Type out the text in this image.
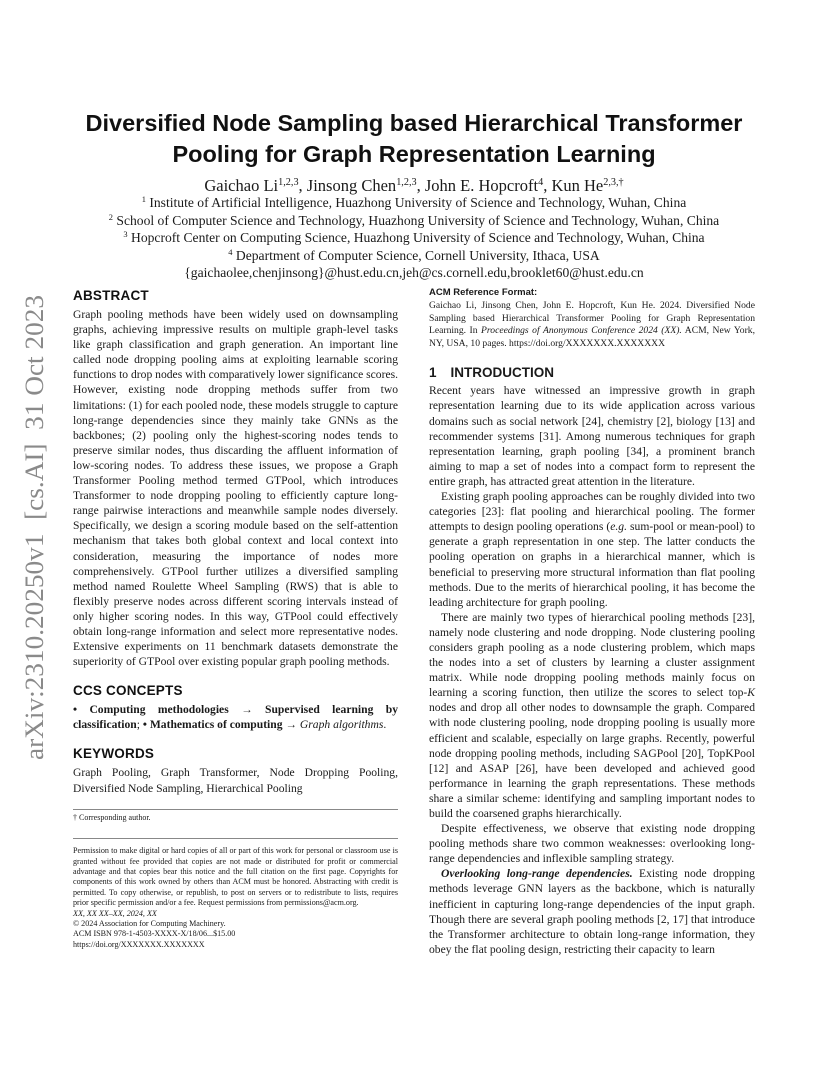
arXiv:2310.20250v1  [cs.AI]  31 Oct 2023
Diversified Node Sampling based Hierarchical Transformer
Pooling for Graph Representation Learning
Gaichao Li$^{1,2,3}$, Jinsong Chen$^{1,2,3}$, John E. Hopcroft$^4$, Kun $He^{2,3,\dagger}$
$^1$ Institute of Artificial Intelligence, Huazhong University of Science and Technology, Wuhan, China
$^2$ School of Computer Science and Technology, Huazhong University of Science and Technology, Wuhan, China
$^3$ Hopcroft Center on Computing Science, Huazhong University of Science and Technology, Wuhan, China
$^4$ Department of Computer Science, Cornell University, Ithaca, USA
{gaichaolee,chenjinsong}@hust.edu.cn,jeh@cs.cornell.edu,brooklet60@hust.edu.cn
ABSTRACT

Graph pooling methods have been widely used on downsampling graphs, achieving impressive results on multiple graph-level tasks like graph classification and graph generation. An important line called node dropping pooling aims at exploiting learnable scoring functions to drop nodes with comparatively lower significance scores. However, existing node dropping methods suffer from two limitations: (1) for each pooled node, these models struggle to capture long-range dependencies since they mainly take GNNs as the backbones; (2) pooling only the highest-scoring nodes tends to preserve similar nodes, thus discarding the affluent information of low-scoring nodes. To address these issues, we propose a Graph Transformer Pooling method termed GTPool, which introduces Transformer to node dropping pooling to efficiently capture long-range pairwise interactions and meanwhile sample nodes diversely. Specifically, we design a scoring module based on the self-attention mechanism that takes both global context and local context into consideration, measuring the importance of nodes more comprehensively. GTPool further utilizes a diversified sampling method named Roulette Wheel Sampling (RWS) that is able to flexibly preserve nodes across different scoring intervals instead of only higher scoring nodes. In this way, GTPool could effectively obtain long-range information and select more representative nodes. Extensive experiments on 11 benchmark datasets demonstrate the superiority of GTPool over existing popular graph pooling methods.

CCS CONCEPTS

• Computing methodologies → Supervised learning by classification; • Mathematics of computing → Graph algorithms.

KEYWORDS

Graph Pooling, Graph Transformer, Node Dropping Pooling, Diversified Node Sampling, Hierarchical Pooling

† Corresponding author.
Permission to make digital or hard copies of all or part of this work for personal or classroom use is granted without fee provided that copies are not made or distributed for profit or commercial advantage and that copies bear this notice and the full citation on the first page. Copyrights for components of this work owned by others than ACM must be honored. Abstracting with credit is permitted. To copy otherwise, or republish, to post on servers or to redistribute to lists, requires prior specific permission and/or a fee. Request permissions from permissions@acm.org.
XX, XX XX–XX, 2024, XX
© 2024 Association for Computing Machinery.
ACM ISBN 978-1-4503-XXXX-X/18/06...$15.00
https://doi.org/XXXXXXX.XXXXXXX
ACM Reference Format:

Gaichao Li, Jinsong Chen, John E. Hopcroft, Kun He. 2024. Diversified Node Sampling based Hierarchical Transformer Pooling for Graph Representation Learning. In Proceedings of Anonymous Conference 2024 (XX). ACM, New York, NY, USA, 10 pages. https://doi.org/XXXXXXX.XXXXXXX

1 INTRODUCTION

Recent years have witnessed an impressive growth in graph representation learning due to its wide application across various domains such as social network [24], chemistry [2], biology [13] and recommender systems [31]. Among numerous techniques for graph representation learning, graph pooling [34], a prominent branch aiming to map a set of nodes into a compact form to represent the entire graph, has attracted great attention in the literature.

Existing graph pooling approaches can be roughly divided into two categories [23]: flat pooling and hierarchical pooling. The former attempts to design pooling operations (e.g. sum-pool or mean-pool) to generate a graph representation in one step. The latter conducts the pooling operation on graphs in a hierarchical manner, which is beneficial to preserving more structural information than flat pooling methods. Due to the merits of hierarchical pooling, it has become the leading architecture for graph pooling.

There are mainly two types of hierarchical pooling methods [23], namely node clustering and node dropping. Node clustering pooling considers graph pooling as a node clustering problem, which maps the nodes into a set of clusters by learning a cluster assignment matrix. While node dropping pooling methods mainly focus on learning a scoring function, then utilize the scores to select top-K nodes and drop all other nodes to downsample the graph. Compared with node clustering pooling, node dropping pooling is usually more efficient and scalable, especially on large graphs. Recently, powerful node dropping pooling methods, including SAGPool [20], TopKPool [12] and ASAP [26], have been developed and achieved good performance in learning the graph representations. These methods share a similar scheme: identifying and sampling important nodes to build the coarsened graphs hierarchically.

Despite effectiveness, we observe that existing node dropping pooling methods share two common weaknesses: overlooking long-range dependencies and inflexible sampling strategy.

Overlooking long-range dependencies. Existing node dropping methods leverage GNN layers as the backbone, which is naturally inefficient in capturing long-range dependencies of the input graph. Though there are several graph pooling methods [2, 17] that introduce the Transformer architecture to obtain long-range information, they obey the flat pooling design, restricting their capacity to learn
